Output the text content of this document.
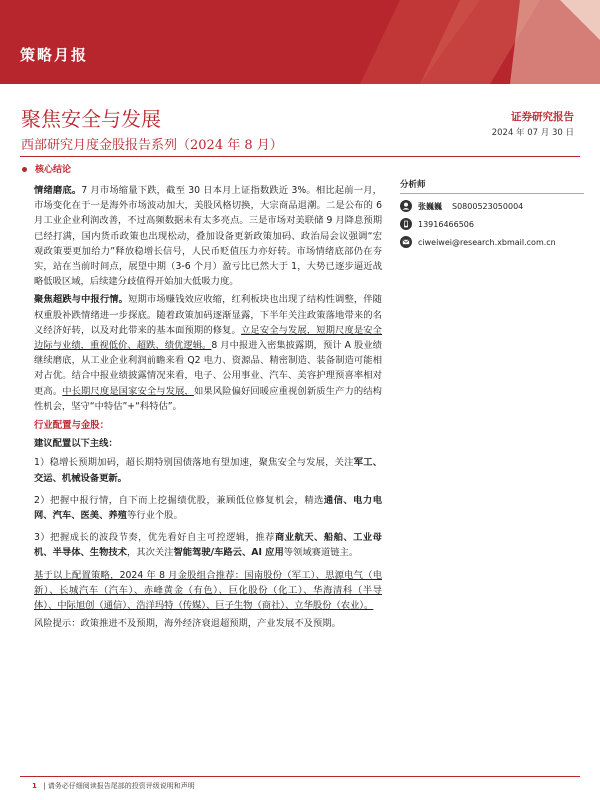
策略月报
聚焦安全与发展
西部研究月度金股报告系列（2024 年 8 月）
证券研究报告
2024 年 07 月 30 日
核心结论

情绪磨底。7 月市场缩量下跌，截至 30 日本月上证指数跌近 3%。相比起前一月，市场变化在于一是海外市场波动加大，美股风格切换，大宗商品退潮。二是公布的 6 月工业企业利润改善，不过高频数据未有太多亮点。三是市场对美联储 9 月降息预期已经打满，国内货币政策也出现松动，叠加设备更新政策加码、政治局会议强调“宏观政策要更加给力”释放稳增长信号，人民币贬值压力亦好转。市场情绪底部仍在夯实，站在当前时间点，展望中期（3-6 个月）盈亏比已然大于 1，大势已逐步逼近战略低吸区域，后续建分歧值得开始加大低吸力度。

聚焦超跌与中报行情。短期市场赚钱效应收缩，红利板块也出现了结构性调整，伴随权重股补跌情绪进一步探底。随着政策加码逐渐显露，下半年关注政策落地带来的名义经济好转，以及对此带来的基本面预期的修复。立足安全与发展，短期尺度是安全边际与业绩，重视低价、超跌、绩优逻辑。8 月中报进入密集披露期，预计 A 股业绩继续磨底，从工业企业利润前瞻来看 Q2 电力、资源品、精密制造、装备制造可能相对占优。结合中报业绩披露情况来看，电子、公用事业、汽车、美容护理预喜率相对更高。中长期尺度是国家安全与发展，如果风险偏好回暖应重视创新质生产力的结构性机会，坚守“中特估”+“科特估”。

行业配置与金股：
建议配置以下主线：

1）稳增长预期加码，超长期特别国债落地有望加速，聚焦安全与发展，关注军工、交运、机械设备更新。

2）把握中报行情，自下而上挖掘绩优股，兼顾低位修复机会，精选通信、电力电网、汽车、医美、养殖等行业个股。

3）把握成长的波段节奏，优先看好自主可控逻辑，推荐商业航天、船舶、工业母机、半导体、生物技术，其次关注智能驾驶/车路云、AI 应用等领域赛道链主。

基于以上配置策略，2024 年 8 月金股组合推荐：国南股份（军工）、思源电气（电新）、长城汽车（汽车）、赤峰黄金（有色）、巨化股份（化工）、华海清科（半导体）、中际旭创（通信）、浩洋玛特（传媒）、巨子生物（商社）、立华股份（农业）。

风险提示：政策推进不及预期，海外经济衰退超预期，产业发展不及预期。

分析师
张巍巍 S0800523050004
13916466506
ciweiwei@research.xbmail.com.cn
1 | 请务必仔细阅读报告尾部的投资评级说明和声明
